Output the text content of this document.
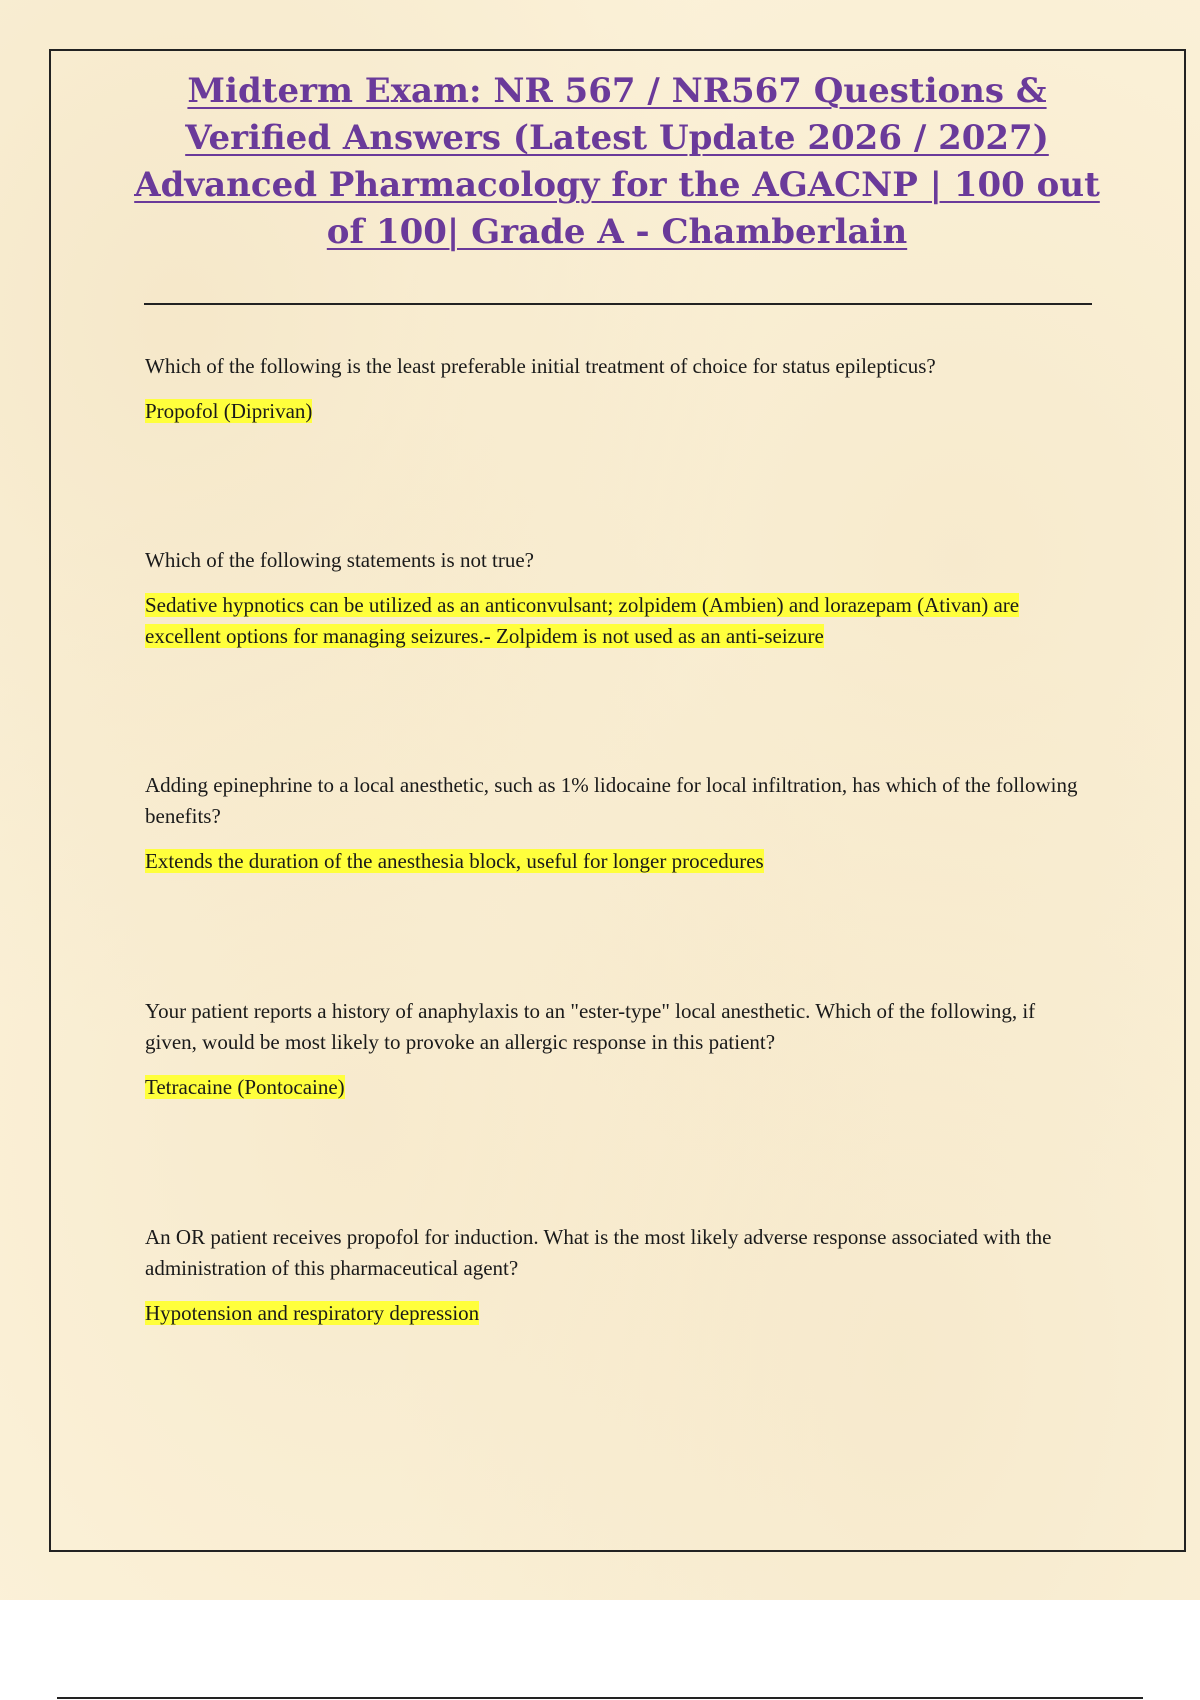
Midterm Exam: NR 567 / NR567 Questions & Verified Answers (Latest Update 2026 / 2027) Advanced Pharmacology for the AGACNP | 100 out of 100| Grade A - Chamberlain

Which of the following is the least preferable initial treatment of choice for status epilepticus?

Propofol (Diprivan)

Which of the following statements is not true?

Sedative hypnotics can be utilized as an anticonvulsant; zolpidem (Ambien) and lorazepam (Ativan) are excellent options for managing seizures.- Zolpidem is not used as an anti-seizure

Adding epinephrine to a local anesthetic, such as 1% lidocaine for local infiltration, has which of the following benefits?

Extends the duration of the anesthesia block, useful for longer procedures

Your patient reports a history of anaphylaxis to an "ester-type" local anesthetic. Which of the following, if given, would be most likely to provoke an allergic response in this patient?

Tetracaine (Pontocaine)

An OR patient receives propofol for induction. What is the most likely adverse response associated with the administration of this pharmaceutical agent?

Hypotension and respiratory depression
